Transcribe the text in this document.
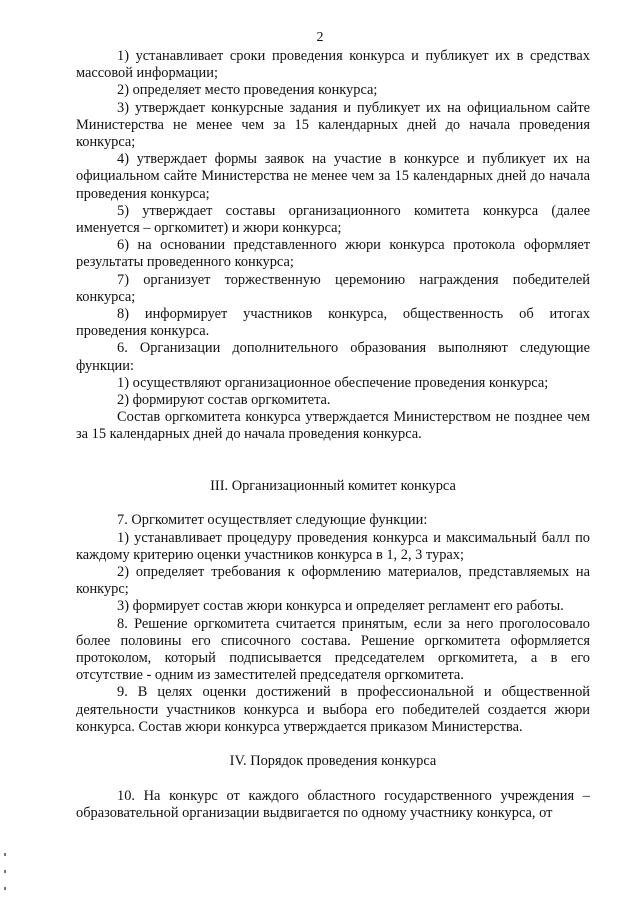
2

1) устанавливает сроки проведения конкурса и публикует их в средствах массовой информации;

2) определяет место проведения конкурса;

3) утверждает конкурсные задания и публикует их на официальном сайте Министерства не менее чем за 15 календарных дней до начала проведения конкурса;

4) утверждает формы заявок на участие в конкурсе и публикует их на официальном сайте Министерства не менее чем за 15 календарных дней до начала проведения конкурса;

5) утверждает составы организационного комитета конкурса (далее именуется – оргкомитет) и жюри конкурса;

6) на основании представленного жюри конкурса протокола оформляет результаты проведенного конкурса;

7) организует торжественную церемонию награждения победителей конкурса;

8) информирует участников конкурса, общественность об итогах проведения конкурса.

6. Организации дополнительного образования выполняют следующие функции:

1) осуществляют организационное обеспечение проведения конкурса;

2) формируют состав оргкомитета.

Состав оргкомитета конкурса утверждается Министерством не позднее чем за 15 календарных дней до начала проведения конкурса.

III. Организационный комитет конкурса

7. Оргкомитет осуществляет следующие функции:

1) устанавливает процедуру проведения конкурса и максимальный балл по каждому критерию оценки участников конкурса в 1, 2, 3 турах;

2) определяет требования к оформлению материалов, представляемых на конкурс;

3) формирует состав жюри конкурса и определяет регламент его работы.

8. Решение оргкомитета считается принятым, если за него проголосовало более половины его списочного состава. Решение оргкомитета оформляется протоколом, который подписывается председателем оргкомитета, а в его отсутствие - одним из заместителей председателя оргкомитета.

9. В целях оценки достижений в профессиональной и общественной деятельности участников конкурса и выбора его победителей создается жюри конкурса. Состав жюри конкурса утверждается приказом Министерства.

IV. Порядок проведения конкурса

10. На конкурс от каждого областного государственного учреждения – образовательной организации выдвигается по одному участнику конкурса, от
